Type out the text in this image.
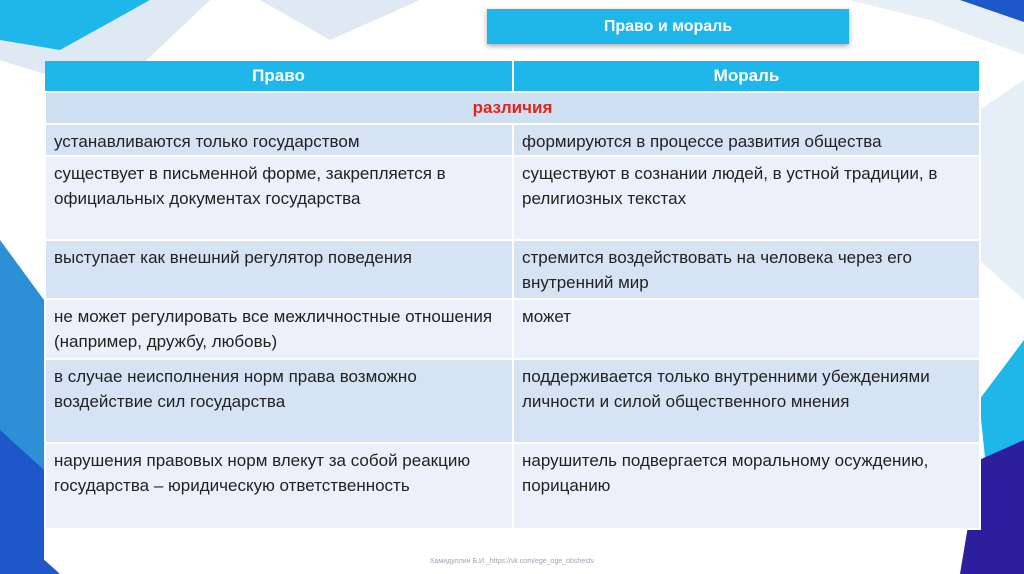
Право и мораль
Право	Мораль
различия	
устанавливаются только государством	формируются в процессе развития общества
существует в письменной форме, закрепляется в официальных документах государства	существуют в сознании людей, в устной традиции, в религиозных текстах
выступает как внешний регулятор поведения	стремится воздействовать на человека через его внутренний мир
не может регулировать все межличностные отношения (например, дружбу, любовь)	может
в случае неисполнения норм права возможно воздействие сил государства	поддерживается только внутренними убеждениями личности и силой общественного мнения
нарушения правовых норм влекут за собой реакцию государства – юридическую ответственность	нарушитель подвергается моральному осуждению, порицанию
Хамидуллин Б.И._https://vk.com/ege_oge_obshestv
